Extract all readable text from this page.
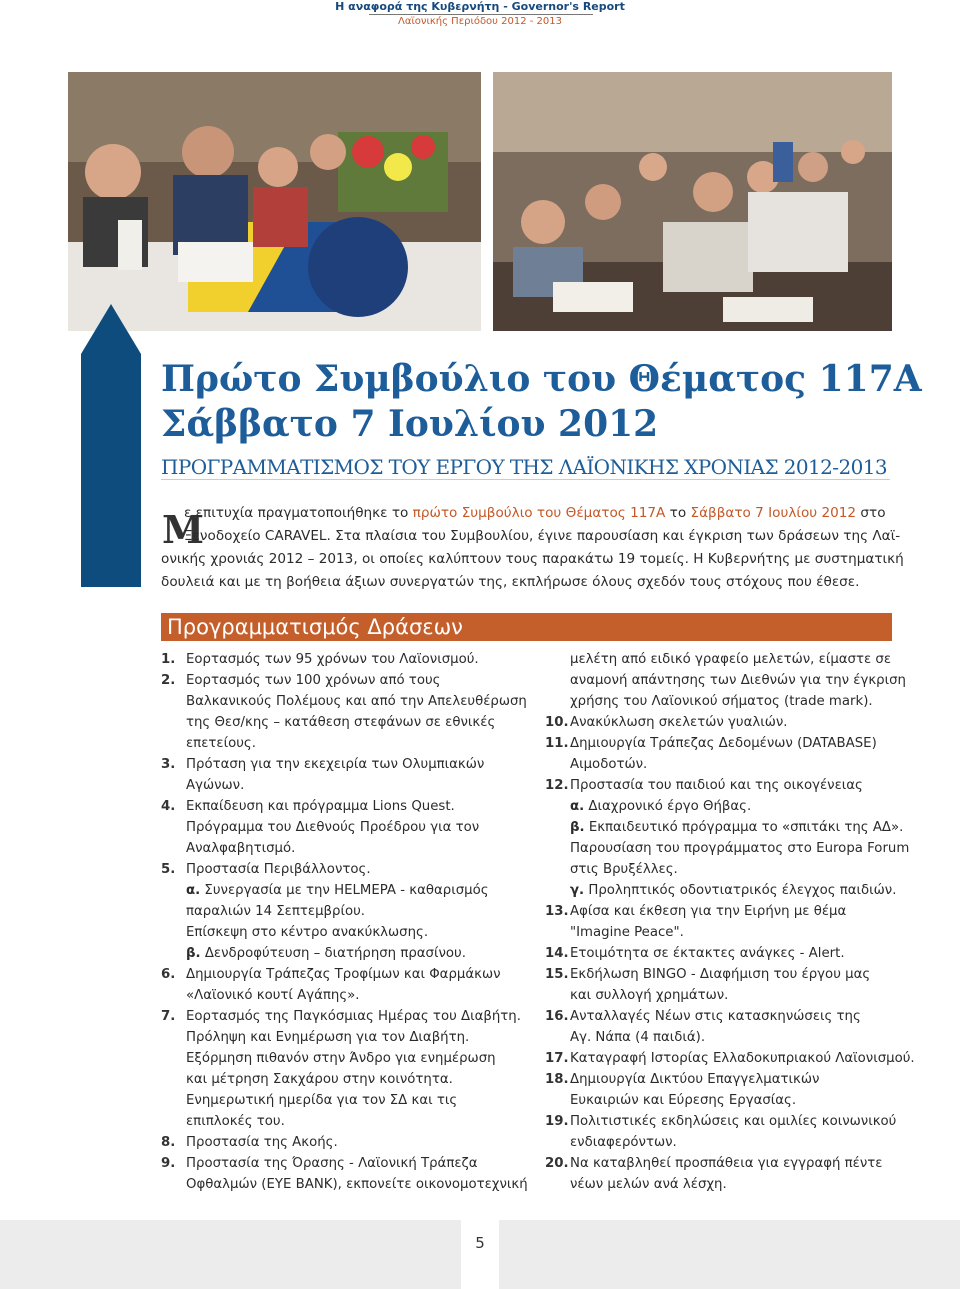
Η αναφορά της Κυβερνήτη - Governor's Report
Λαϊονικής Περιόδου 2012 - 2013
Πρώτο Συμβούλιο του Θέματος 117Α
Σάββατο 7 Ιουλίου 2012
ΠΡΟΓΡΑΜΜΑΤΙΣΜΟΣ ΤΟΥ ΕΡΓΟΥ ΤΗΣ ΛΑΪΟΝΙΚΗΣ ΧΡΟΝΙΑΣ 2012-2013
Μ
ε επιτυχία πραγματοποιήθηκε το πρώτο Συμβούλιο του Θέματος 117Α το Σάββατο 7 Ιουλίου 2012 στο
Ξενοδοχείο CARAVEL. Στα πλαίσια του Συμβουλίου, έγινε παρουσίαση και έγκριση των δράσεων της Λαϊ-
ονικής χρονιάς 2012 – 2013, οι οποίες καλύπτουν τους παρακάτω 19 τομείς. Η Κυβερνήτης με συστηματική
δουλειά και με τη βοήθεια άξιων συνεργατών της, εκπλήρωσε όλους σχεδόν τους στόχους που έθεσε.
Προγραμματισμός Δράσεων
1. Εορτασμός των 95 χρόνων του Λαϊονισμού.
2. Εορτασμός των 100 χρόνων από τους
Βαλκανικούς Πολέμους και από την Απελευθέρωση
της Θεσ/κης – κατάθεση στεφάνων σε εθνικές
επετείους.
3. Πρόταση για την εκεχειρία των Ολυμπιακών
Αγώνων.
4. Εκπαίδευση και πρόγραμμα Lions Quest.
Πρόγραμμα του Διεθνούς Προέδρου για τον
Αναλφαβητισμό.
5. Προστασία Περιβάλλοντος.
α. Συνεργασία με την HELMEPA - καθαρισμός
παραλιών 14 Σεπτεμβρίου.
Επίσκεψη στο κέντρο ανακύκλωσης.
β. Δενδροφύτευση – διατήρηση πρασίνου.
6. Δημιουργία Τράπεζας Τροφίμων και Φαρμάκων
«Λαϊονικό κουτί Αγάπης».
7. Εορτασμός της Παγκόσμιας Ημέρας του Διαβήτη.
Πρόληψη και Ενημέρωση για τον Διαβήτη.
Εξόρμηση πιθανόν στην Άνδρο για ενημέρωση
και μέτρηση Σακχάρου στην κοινότητα.
Ενημερωτική ημερίδα για τον ΣΔ και τις
επιπλοκές του.
8. Προστασία της Ακοής.
9. Προστασία της Όρασης - Λαϊονική Τράπεζα
Οφθαλμών (EYE BANK), εκπονείτε οικονομοτεχνική
μελέτη από ειδικό γραφείο μελετών, είμαστε σε
αναμονή απάντησης των Διεθνών για την έγκριση
χρήσης του Λαϊονικού σήματος (trade mark).
10. Ανακύκλωση σκελετών γυαλιών.
11. Δημιουργία Τράπεζας Δεδομένων (DATABASE)
Αιμοδοτών.
12. Προστασία του παιδιού και της οικογένειας
α. Διαχρονικό έργο Θήβας.
β. Εκπαιδευτικό πρόγραμμα το «σπιτάκι της ΑΔ».
Παρουσίαση του προγράμματος στο Europa Forum
στις Βρυξέλλες.
γ. Προληπτικός οδοντιατρικός έλεγχος παιδιών.
13. Αφίσα και έκθεση για την Ειρήνη με θέμα
"Imagine Peace".
14. Ετοιμότητα σε έκτακτες ανάγκες - Alert.
15. Εκδήλωση BINGO - Διαφήμιση του έργου μας
και συλλογή χρημάτων.
16. Ανταλλαγές Νέων στις κατασκηνώσεις της
Αγ. Νάπα (4 παιδιά).
17. Καταγραφή Ιστορίας Ελλαδοκυπριακού Λαϊονισμού.
18. Δημιουργία Δικτύου Επαγγελματικών
Ευκαιριών και Εύρεσης Εργασίας.
19. Πολιτιστικές εκδηλώσεις και ομιλίες κοινωνικού
ενδιαφερόντων.
20. Να καταβληθεί προσπάθεια για εγγραφή πέντε
νέων μελών ανά λέσχη.
5
